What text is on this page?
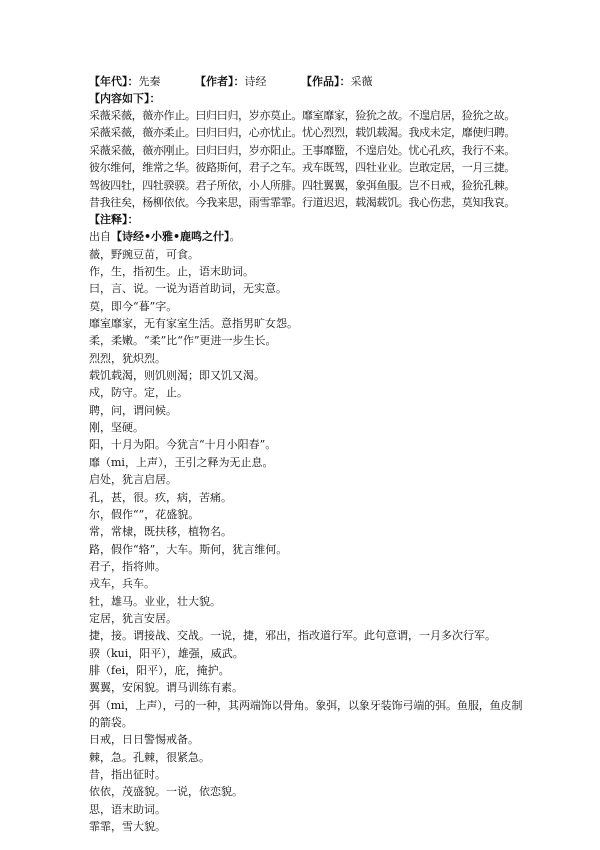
【年代】：先秦	【作者】：诗经	【作品】：采薇
【内容如下】：
采薇采薇，薇亦作止。曰归曰归，岁亦莫止。靡室靡家，猃狁之故。不遑启居，猃狁之故。
采薇采薇，薇亦柔止。曰归曰归，心亦忧止。忧心烈烈，载饥载渴。我戍未定，靡使归聘。
采薇采薇，薇亦刚止。曰归曰归，岁亦阳止。王事靡盬，不遑启处。忧心孔疚，我行不来。
彼尔维何，维常之华。彼路斯何，君子之车。戎车既驾，四牡业业。岂敢定居，一月三捷。
驾彼四牡，四牡骙骙。君子所依，小人所腓。四牡翼翼，象弭鱼服。岂不日戒，猃狁孔棘。
昔我往矣，杨柳依依。今我来思，雨雪霏霏。行道迟迟，载渴载饥。我心伤悲，莫知我哀。
【注释】：
出自【诗经•小雅•鹿鸣之什】。
薇，野豌豆苗，可食。
作，生，指初生。止，语末助词。
曰，言、说。一说为语首助词，无实意。
莫，即今“暮”字。
靡室靡家，无有家室生活。意指男旷女怨。
柔，柔嫩。“柔”比“作”更进一步生长。
烈烈，犹炽烈。
载饥载渴，则饥则渴；即又饥又渴。
戍，防守。定，止。
聘，问，谓问候。
刚，坚硬。
阳，十月为阳。今犹言“十月小阳春”。
靡（mi，上声），王引之释为无止息。
启处，犹言启居。
孔，甚，很。疚，病，苦痛。
尔，假作“”，花盛貌。
常，常棣，既扶移，植物名。
路，假作“辂”，大车。斯何，犹言维何。
君子，指将帅。
戎车，兵车。
牡，雄马。业业，壮大貌。
定居，犹言安居。
捷，接。谓接战、交战。一说，捷，邪出，指改道行军。此句意谓，一月多次行军。
骙（kui，阳平），雄强，威武。
腓（fei，阳平），庇，掩护。
翼翼，安闲貌。谓马训练有素。
弭（mi，上声），弓的一种，其两端饰以骨角。象弭，以象牙装饰弓端的弭。鱼服，鱼皮制的箭袋。
日戒，日日警惕戒备。
棘，急。孔棘，很紧急。
昔，指出征时。
依依，茂盛貌。一说，依恋貌。
思，语末助词。
霏霏，雪大貌。
